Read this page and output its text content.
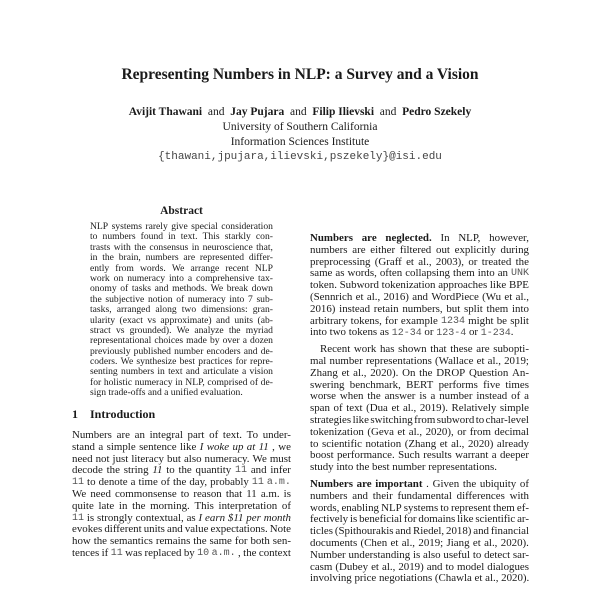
Representing Numbers in NLP: a Survey and a Vision
Avijit Thawani and Jay Pujara and Filip Ilievski and Pedro Szekely
University of Southern California
Information Sciences Institute
{thawani,jpujara,ilievski,pszekely}@isi.edu
Abstract
NLP systems rarely give special consideration
to numbers found in text. This starkly con-
trasts with the consensus in neuroscience that,
in the brain, numbers are represented differ-
ently from words. We arrange recent NLP
work on numeracy into a comprehensive tax-
onomy of tasks and methods. We break down
the subjective notion of numeracy into 7 sub-
tasks, arranged along two dimensions: gran-
ularity (exact vs approximate) and units (ab-
stract vs grounded). We analyze the myriad
representational choices made by over a dozen
previously published number encoders and de-
coders. We synthesize best practices for repre-
senting numbers in text and articulate a vision
for holistic numeracy in NLP, comprised of de-
sign trade-offs and a unified evaluation.
1 Introduction
Numbers are an integral part of text. To under-
stand a simple sentence like I woke up at 11 , we
need not just literacy but also numeracy. We must
decode the string 11 to the quantity 11 and infer
11 to denote a time of the day, probably 11 a.m.
We need commonsense to reason that 11 a.m. is
quite late in the morning. This interpretation of
11 is strongly contextual, as I earn $11 per month
evokes different units and value expectations. Note
how the semantics remains the same for both sen-
tences if 11 was replaced by 10 a.m. , the context
Numbers are neglected. In NLP, however,
numbers are either filtered out explicitly during
preprocessing (Graff et al., 2003), or treated the
same as words, often collapsing them into an UNK
token. Subword tokenization approaches like BPE
(Sennrich et al., 2016) and WordPiece (Wu et al.,
2016) instead retain numbers, but split them into
arbitrary tokens, for example 1234 might be split
into two tokens as 12-34 or 123-4 or 1-234.
Recent work has shown that these are subopti-
mal number representations (Wallace et al., 2019;
Zhang et al., 2020). On the DROP Question An-
swering benchmark, BERT performs five times
worse when the answer is a number instead of a
span of text (Dua et al., 2019). Relatively simple
strategies like switching from subword to char-level
tokenization (Geva et al., 2020), or from decimal
to scientific notation (Zhang et al., 2020) already
boost performance. Such results warrant a deeper
study into the best number representations.
Numbers are important . Given the ubiquity of
numbers and their fundamental differences with
words, enabling NLP systems to represent them ef-
fectively is beneficial for domains like scientific ar-
ticles (Spithourakis and Riedel, 2018) and financial
documents (Chen et al., 2019; Jiang et al., 2020).
Number understanding is also useful to detect sar-
casm (Dubey et al., 2019) and to model dialogues
involving price negotiations (Chawla et al., 2020).
